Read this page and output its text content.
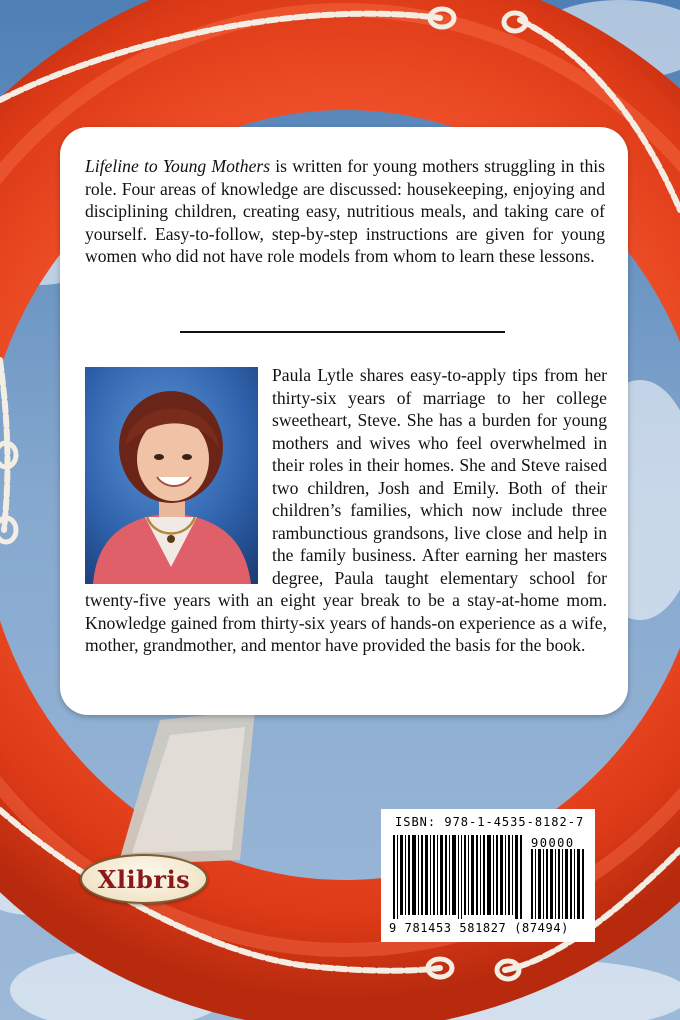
Lifeline to Young Mothers is written for young mothers struggling in this role. Four areas of knowledge are discussed: housekeeping, enjoying and disciplining children, creating easy, nutritious meals, and taking care of yourself. Easy-to-follow, step-by-step instructions are given for young women who did not have role models from whom to learn these lessons.

Paula Lytle shares easy-to-apply tips from her thirty-six years of marriage to her college sweetheart, Steve. She has a burden for young mothers and wives who feel overwhelmed in their roles in their homes. She and Steve raised two children, Josh and Emily. Both of their children’s families, which now include three rambunctious grandsons, live close and help in the family business. After earning her masters degree, Paula taught elementary school for twenty-five years with an eight year break to be a stay-at-home mom. Knowledge gained from thirty-six years of hands-on experience as a wife, mother, grandmother, and mentor have provided the basis for the book.

ISBN: 978-1-4535-8182-7
90000
9 781453 581827 (87494)
Xlibris
